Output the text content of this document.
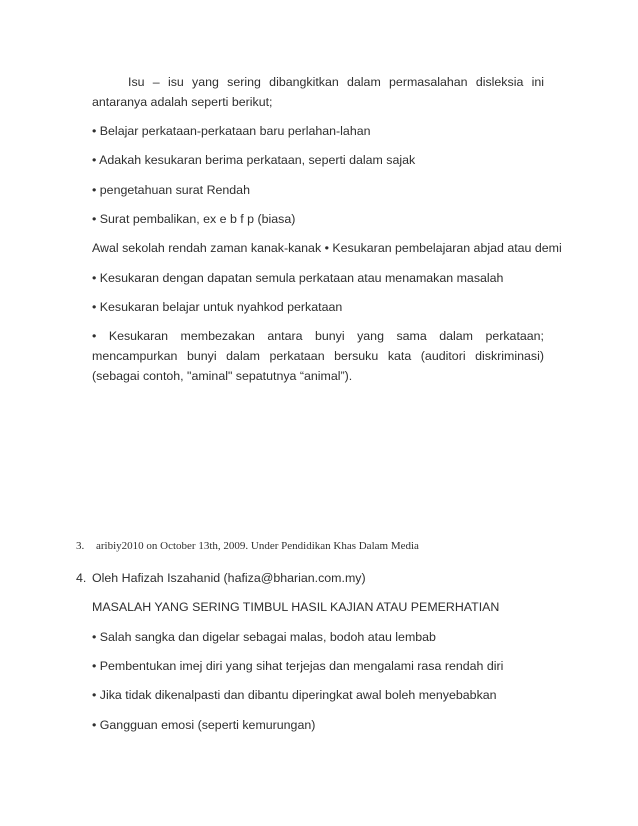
Isu – isu yang sering dibangkitkan dalam permasalahan disleksia ini antaranya adalah seperti berikut;
• Belajar perkataan-perkataan baru perlahan-lahan
• Adakah kesukaran berima perkataan, seperti dalam sajak
• pengetahuan surat Rendah
• Surat pembalikan, ex e b f p (biasa)
Awal sekolah rendah zaman kanak-kanak • Kesukaran pembelajaran abjad atau demi
• Kesukaran dengan dapatan semula perkataan atau menamakan masalah
• Kesukaran belajar untuk nyahkod perkataan
• Kesukaran membezakan antara bunyi yang sama dalam perkataan; mencampurkan bunyi dalam perkataan bersuku kata (auditori diskriminasi) (sebagai contoh, "aminal" sepatutnya “animal”).
3. aribiy2010 on October 13th, 2009. Under Pendidikan Khas Dalam Media
4. Oleh Hafizah Iszahanid (hafiza@bharian.com.my)
MASALAH YANG SERING TIMBUL HASIL KAJIAN ATAU PEMERHATIAN
• Salah sangka dan digelar sebagai malas, bodoh atau lembab
• Pembentukan imej diri yang sihat terjejas dan mengalami rasa rendah diri
• Jika tidak dikenalpasti dan dibantu diperingkat awal boleh menyebabkan
• Gangguan emosi (seperti kemurungan)
